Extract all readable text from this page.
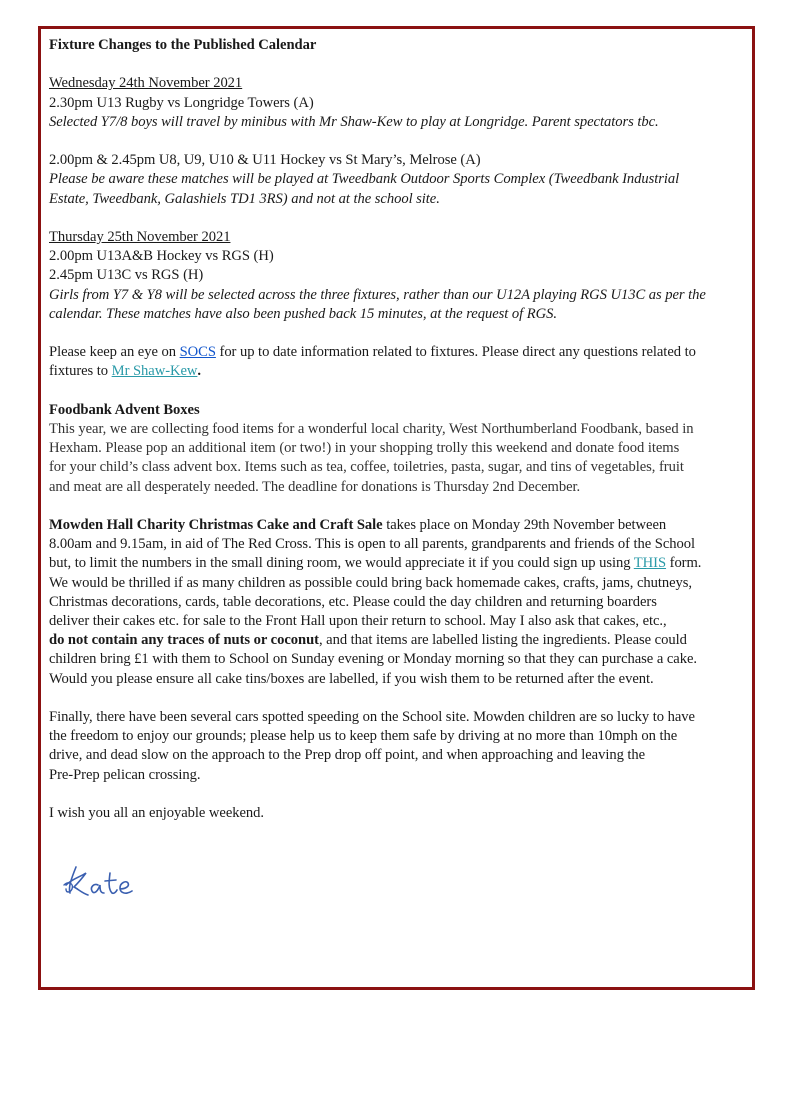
Fixture Changes to the Published Calendar
Wednesday 24th November 2021
2.30pm U13 Rugby vs Longridge Towers (A)
Selected Y7/8 boys will travel by minibus with Mr Shaw-Kew to play at Longridge. Parent spectators tbc.
2.00pm & 2.45pm U8, U9, U10 & U11 Hockey vs St Mary’s, Melrose (A)
Please be aware these matches will be played at Tweedbank Outdoor Sports Complex (Tweedbank Industrial
Estate, Tweedbank, Galashiels TD1 3RS) and not at the school site.
Thursday 25th November 2021
2.00pm U13A&B Hockey vs RGS (H)
2.45pm U13C vs RGS (H)
Girls from Y7 & Y8 will be selected across the three fixtures, rather than our U12A playing RGS U13C as per the
calendar. These matches have also been pushed back 15 minutes, at the request of RGS.
Please keep an eye on SOCS for up to date information related to fixtures. Please direct any questions related to
fixtures to Mr Shaw-Kew.
Foodbank Advent Boxes
This year, we are collecting food items for a wonderful local charity, West Northumberland Foodbank, based in
Hexham. Please pop an additional item (or two!) in your shopping trolly this weekend and donate food items
for your child’s class advent box. Items such as tea, coffee, toiletries, pasta, sugar, and tins of vegetables, fruit
and meat are all desperately needed. The deadline for donations is Thursday 2nd December.
Mowden Hall Charity Christmas Cake and Craft Sale takes place on Monday 29th November between
8.00am and 9.15am, in aid of The Red Cross. This is open to all parents, grandparents and friends of the School
but, to limit the numbers in the small dining room, we would appreciate it if you could sign up using THIS form.
We would be thrilled if as many children as possible could bring back homemade cakes, crafts, jams, chutneys,
Christmas decorations, cards, table decorations, etc. Please could the day children and returning boarders
deliver their cakes etc. for sale to the Front Hall upon their return to school. May I also ask that cakes, etc.,
do not contain any traces of nuts or coconut, and that items are labelled listing the ingredients. Please could
children bring £1 with them to School on Sunday evening or Monday morning so that they can purchase a cake.
Would you please ensure all cake tins/boxes are labelled, if you wish them to be returned after the event.
Finally, there have been several cars spotted speeding on the School site. Mowden children are so lucky to have
the freedom to enjoy our grounds; please help us to keep them safe by driving at no more than 10mph on the
drive, and dead slow on the approach to the Prep drop off point, and when approaching and leaving the
Pre-Prep pelican crossing.
I wish you all an enjoyable weekend.
